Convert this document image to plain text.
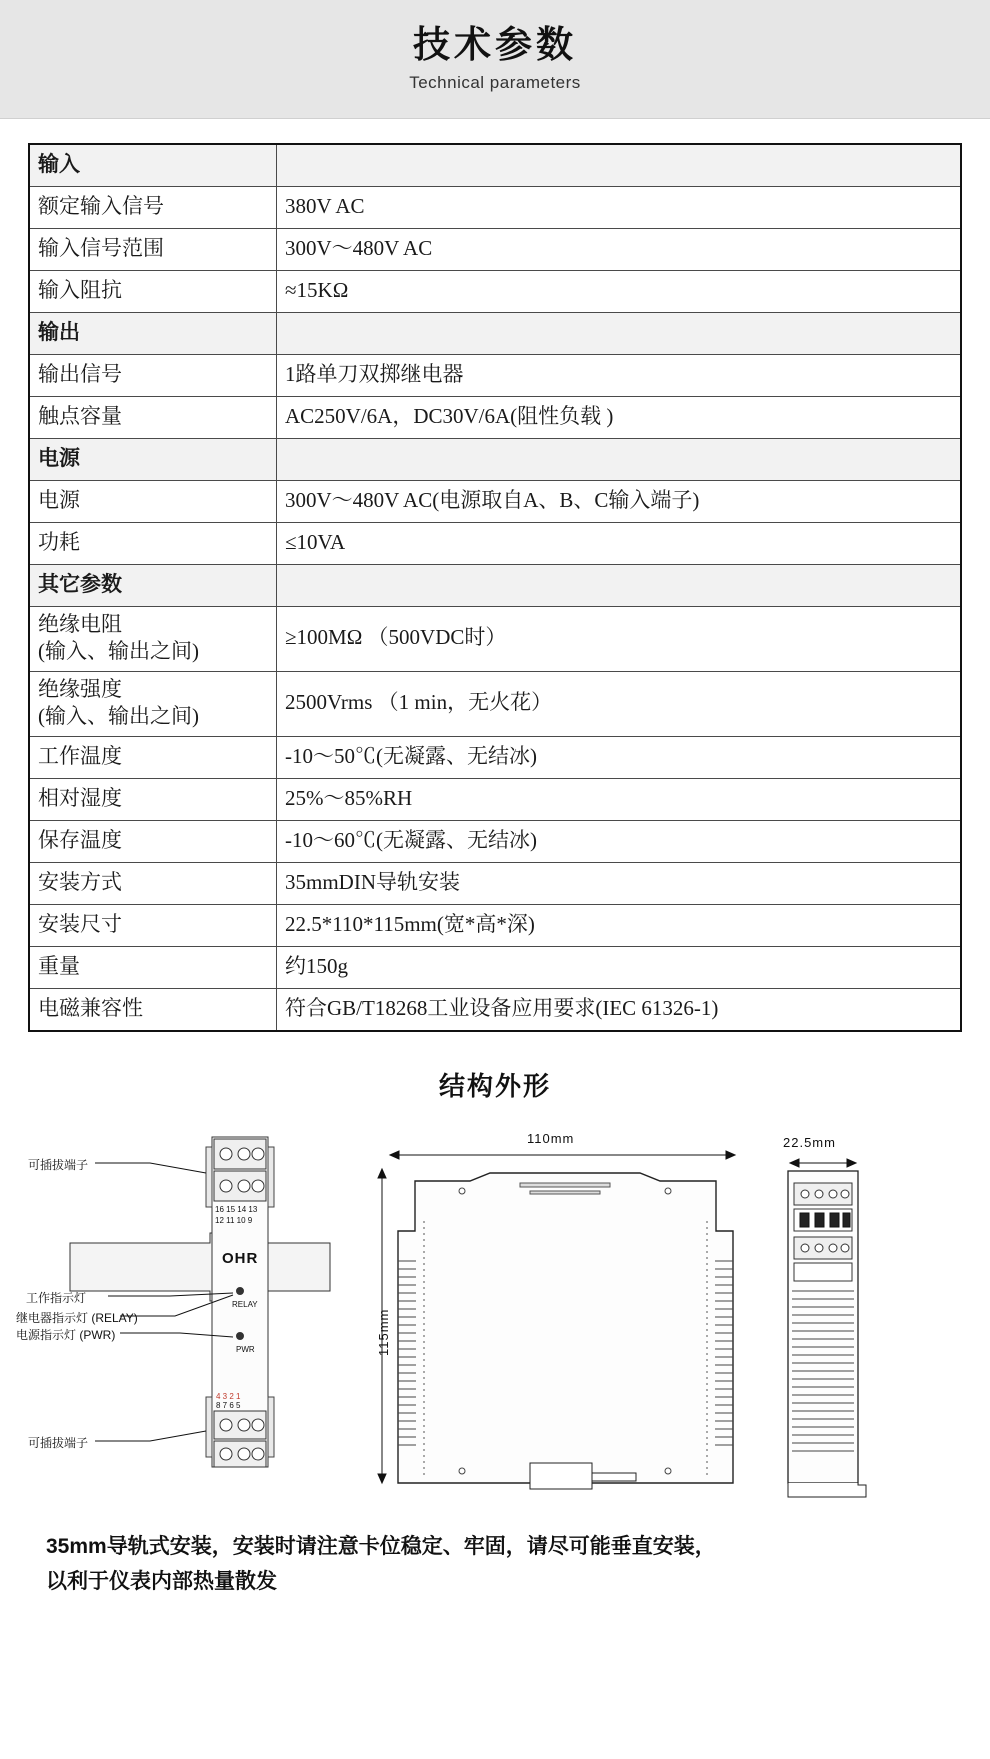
技术参数
Technical parameters
输入	
额定输入信号	380V AC
输入信号范围	300V～480V AC
输入阻抗	≈15KΩ
输出	
输出信号	1路单刀双掷继电器
触点容量	AC250V/6A，DC30V/6A(阻性负载 )
电源	
电源	300V～480V AC(电源取自A、B、C输入端子)
功耗	≤10VA
其它参数	

绝缘电阻
(输入、输出之间)	≥100MΩ （500VDC时）

绝缘强度
(输入、输出之间)	2500Vrms （1 min，无火花）
工作温度	-10～50℃(无凝露、无结冰)
相对湿度	25%～85%RH
保存温度	-10～60℃(无凝露、无结冰)
安装方式	35mmDIN导轨安装
安装尺寸	22.5*110*115mm(宽*高*深)
重量	约150g
电磁兼容性	符合GB/T18268工业设备应用要求(IEC 61326-1)
结构外形
16 15 14 13
12 11 10 9
OHR
RELAY
PWR
4 3 2 1
8 7 6 5
可插拔端子
可插拔端子
工作指示灯
继电器指示灯 (RELAY)
电源指示灯 (PWR)
110mm
115mm
22.5mm
35mm导轨式安装，安装时请注意卡位稳定、牢固，请尽可能垂直安装，
以利于仪表内部热量散发
